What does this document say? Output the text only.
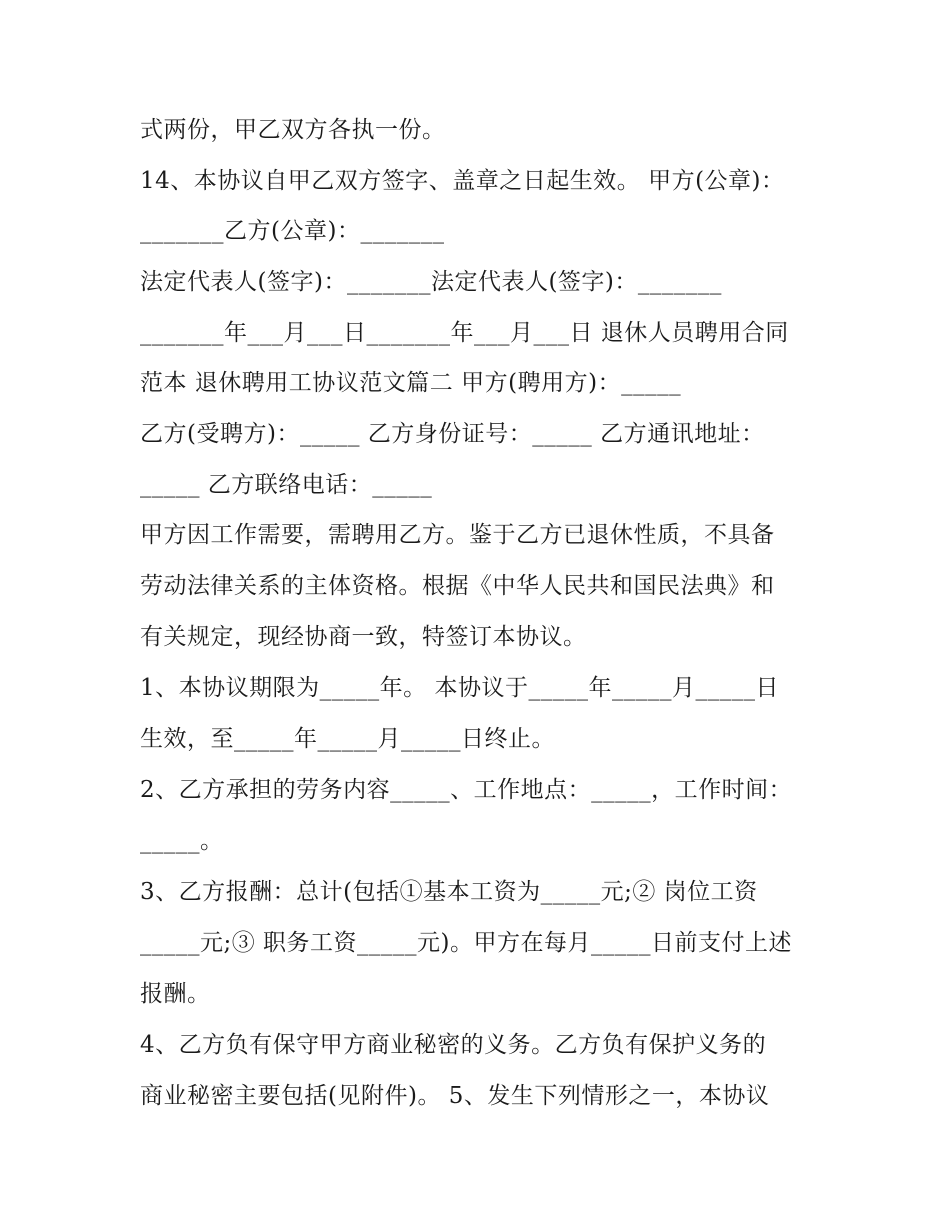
式两份，甲乙双方各执一份。
14、本协议自甲乙双方签字、盖章之日起生效。 甲方(公章)：
_______乙方(公章)：_______
法定代表人(签字)：_______法定代表人(签字)：_______
_______年___月___日_______年___月___日 退休人员聘用合同
范本 退休聘用工协议范文篇二 甲方(聘用方)：_____
乙方(受聘方)：_____ 乙方身份证号：_____ 乙方通讯地址：
_____ 乙方联络电话：_____
甲方因工作需要，需聘用乙方。鉴于乙方已退休性质，不具备
劳动法律关系的主体资格。根据《中华人民共和国民法典》和
有关规定，现经协商一致，特签订本协议。
1、本协议期限为_____年。 本协议于_____年_____月_____日
生效，至_____年_____月_____日终止。
2、乙方承担的劳务内容_____、工作地点：_____，工作时间：
_____。
3、乙方报酬：总计(包括①基本工资为_____元;② 岗位工资
_____元;③ 职务工资_____元)。甲方在每月_____日前支付上述
报酬。
4、乙方负有保守甲方商业秘密的义务。乙方负有保护义务的
商业秘密主要包括(见附件)。 5、发生下列情形之一，本协议
